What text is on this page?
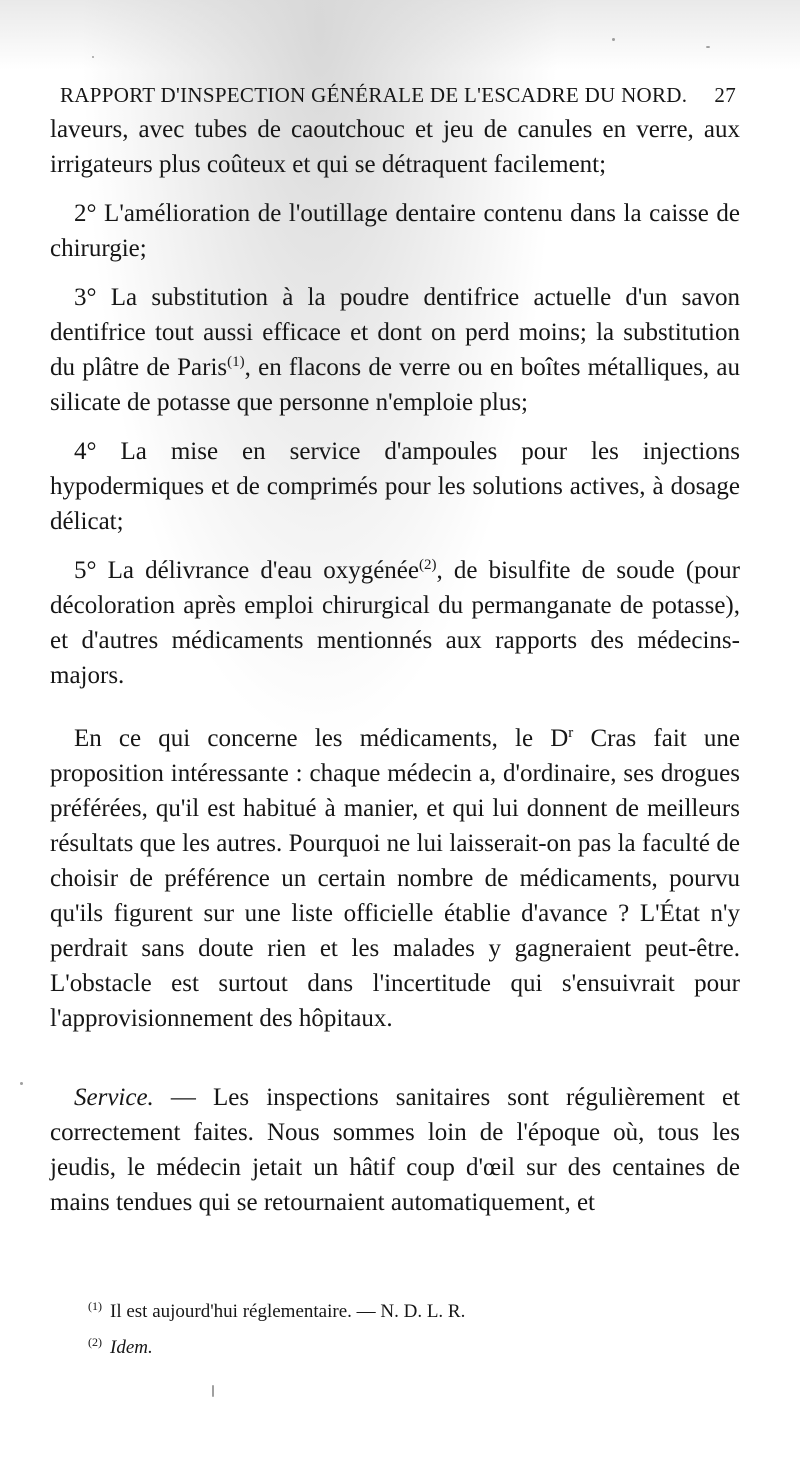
RAPPORT D'INSPECTION GÉNÉRALE DE L'ESCADRE DU NORD. 27

laveurs, avec tubes de caoutchouc et jeu de canules en verre, aux irrigateurs plus coûteux et qui se détraquent facilement;

2° L'amélioration de l'outillage dentaire contenu dans la caisse de chirurgie;

3° La substitution à la poudre dentifrice actuelle d'un savon dentifrice tout aussi efficace et dont on perd moins; la substitution du plâtre de Paris$^{(1)}$, en flacons de verre ou en boîtes métalliques, au silicate de potasse que personne n'emploie plus;

4° La mise en service d'ampoules pour les injections hypodermiques et de comprimés pour les solutions actives, à dosage délicat;

5° La délivrance d'eau oxygénée$^{(2)}$, de bisulfite de soude (pour décoloration après emploi chirurgical du permanganate de potasse), et d'autres médicaments mentionnés aux rapports des médecins-majors.

En ce qui concerne les médicaments, le $D^r$ Cras fait une proposition intéressante : chaque médecin a, d'ordinaire, ses drogues préférées, qu'il est habitué à manier, et qui lui donnent de meilleurs résultats que les autres. Pourquoi ne lui laisserait-on pas la faculté de choisir de préférence un certain nombre de médicaments, pourvu qu'ils figurent sur une liste officielle établie d'avance ? L'État n'y perdrait sans doute rien et les malades y gagneraient peut-être. L'obstacle est surtout dans l'incertitude qui s'ensuivrait pour l'approvisionnement des hôpitaux.

Service. — Les inspections sanitaires sont régulièrement et correctement faites. Nous sommes loin de l'époque où, tous les jeudis, le médecin jetait un hâtif coup d'œil sur des centaines de mains tendues qui se retournaient automatiquement, et

$^{(1)}$ Il est aujourd'hui réglementaire. — N. D. L. R.
$^{(2)}$ Idem.
